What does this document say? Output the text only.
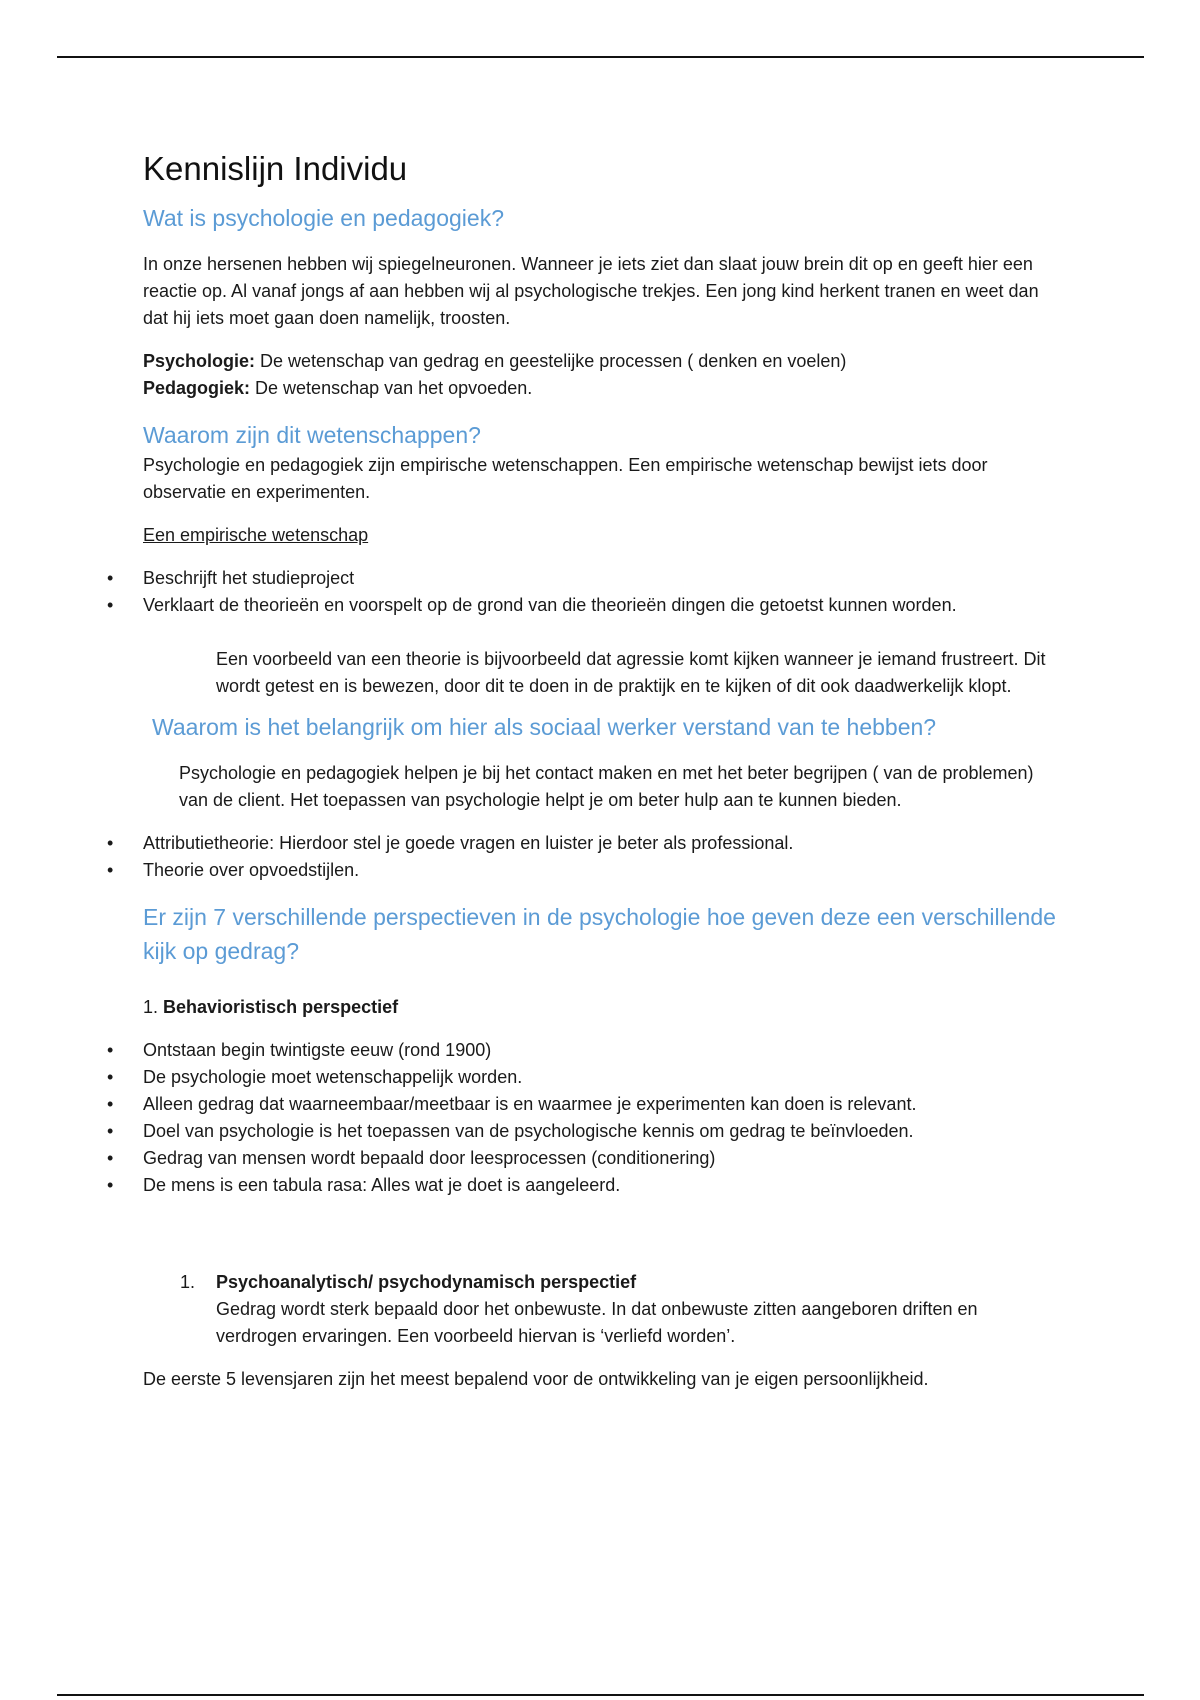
Kennislijn Individu
Wat is psychologie en pedagogiek?

In onze hersenen hebben wij spiegelneuronen. Wanneer je iets ziet dan slaat jouw brein dit op en geeft hier een reactie op. Al vanaf jongs af aan hebben wij al psychologische trekjes. Een jong kind herkent tranen en weet dan dat hij iets moet gaan doen namelijk, troosten.

Psychologie: De wetenschap van gedrag en geestelijke processen ( denken en voelen)

Pedagogiek: De wetenschap van het opvoeden.

Waarom zijn dit wetenschappen?

Psychologie en pedagogiek zijn empirische wetenschappen. Een empirische wetenschap bewijst iets door observatie en experimenten.

Een empirische wetenschap

• Beschrijft het studieproject
• Verklaart de theorieën en voorspelt op de grond van die theorieën dingen die getoetst kunnen worden.

Een voorbeeld van een theorie is bijvoorbeeld dat agressie komt kijken wanneer je iemand frustreert. Dit wordt getest en is bewezen, door dit te doen in de praktijk en te kijken of dit ook daadwerkelijk klopt.

Waarom is het belangrijk om hier als sociaal werker verstand van te hebben?

Psychologie en pedagogiek helpen je bij het contact maken en met het beter begrijpen ( van de problemen) van de client. Het toepassen van psychologie helpt je om beter hulp aan te kunnen bieden.

• Attributietheorie: Hierdoor stel je goede vragen en luister je beter als professional.
• Theorie over opvoedstijlen.
Er zijn 7 verschillende perspectieven in de psychologie hoe geven deze een verschillende kijk op gedrag?

1. Behavioristisch perspectief

• Ontstaan begin twintigste eeuw (rond 1900)
• De psychologie moet wetenschappelijk worden.
• Alleen gedrag dat waarneembaar/meetbaar is en waarmee je experimenten kan doen is relevant.
• Doel van psychologie is het toepassen van de psychologische kennis om gedrag te beïnvloeden.
• Gedrag van mensen wordt bepaald door leesprocessen (conditionering)
• De mens is een tabula rasa: Alles wat je doet is aangeleerd.
1. Psychoanalytisch/ psychodynamisch perspectief

Gedrag wordt sterk bepaald door het onbewuste. In dat onbewuste zitten aangeboren driften en verdrogen ervaringen. Een voorbeeld hiervan is ‘verliefd worden’.

De eerste 5 levensjaren zijn het meest bepalend voor de ontwikkeling van je eigen persoonlijkheid.
